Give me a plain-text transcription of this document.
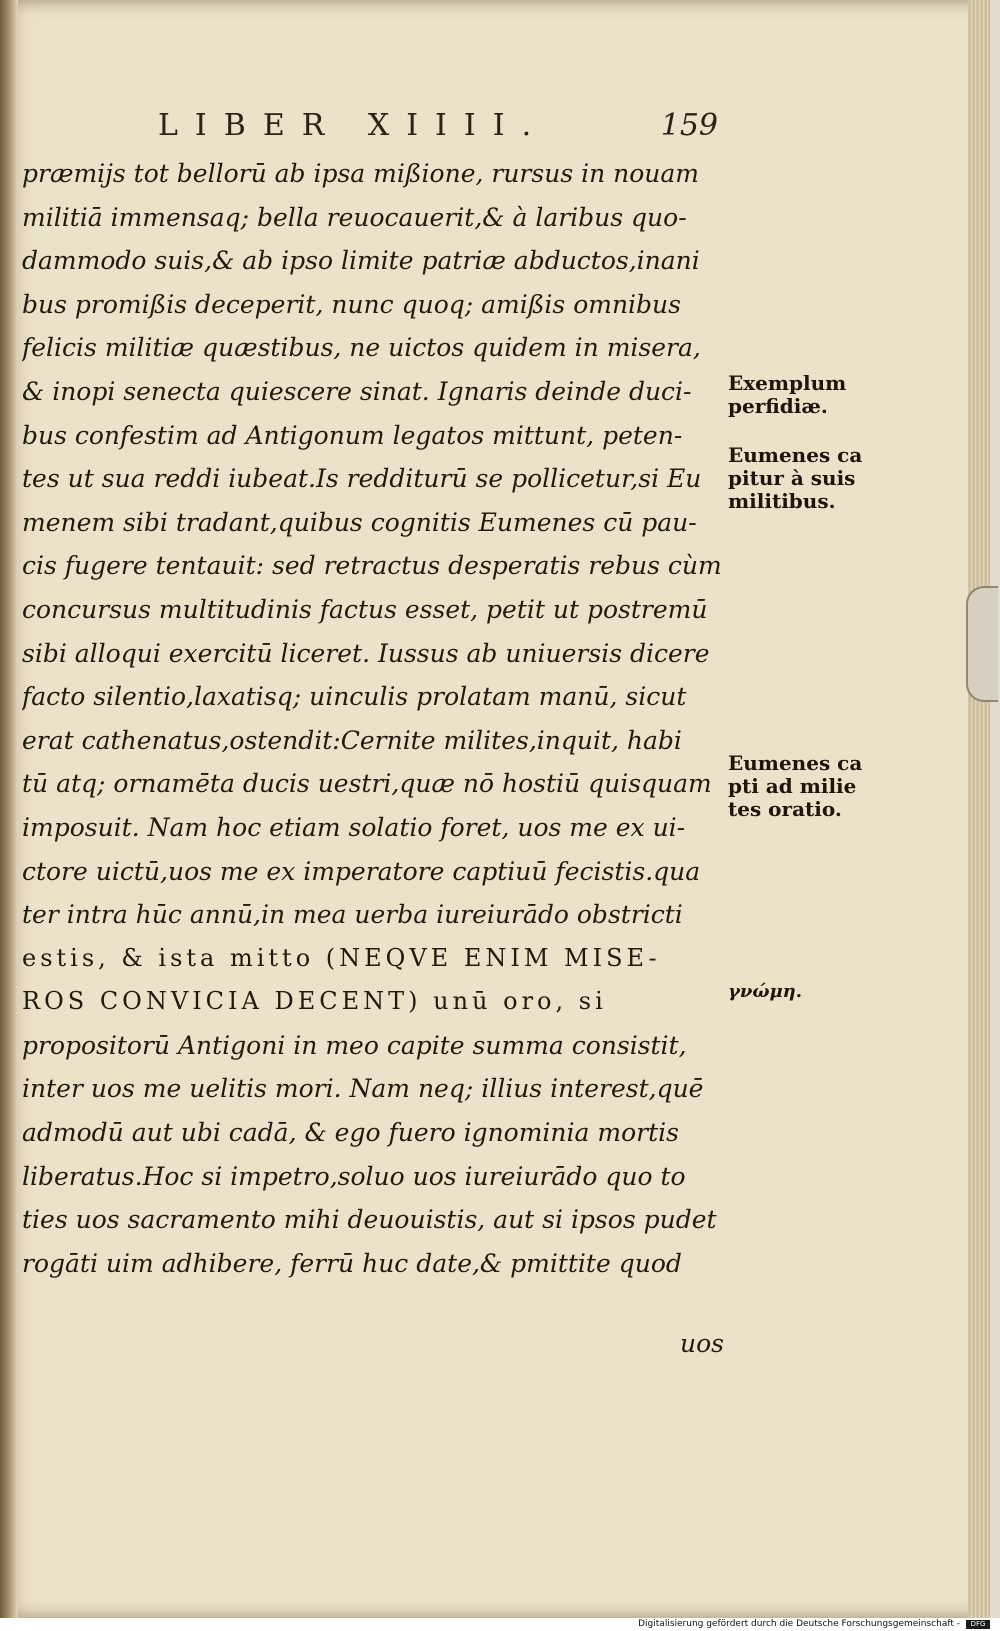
LIBER XIIII.	159
præmijs tot bellorū ab ipsa mißione, rursus in nouam
militiā immensaq; bella reuocauerit,& à laribus quo-
dammodo suis,& ab ipso limite patriæ abductos,inani
bus promißis deceperit, nunc quoq; amißis omnibus
felicis militiæ quæstibus, ne uictos quidem in misera,
& inopi senecta quiescere sinat. Ignaris deinde duci-
bus confestim ad Antigonum legatos mittunt, peten-
tes ut sua reddi iubeat.Is redditurū se pollicetur,si Eu
menem sibi tradant,quibus cognitis Eumenes cū pau-
cis fugere tentauit: sed retractus desperatis rebus cùm
concursus multitudinis factus esset, petit ut postremū
sibi alloqui exercitū liceret. Iussus ab uniuersis dicere
facto silentio,laxatisq; uinculis prolatam manū, sicut
erat cathenatus,ostendit:Cernite milites,inquit, habi
tū atq; ornamēta ducis uestri,quæ nō hostiū quisquam
imposuit. Nam hoc etiam solatio foret, uos me ex ui-
ctore uictū,uos me ex imperatore captiuū fecistis.qua
ter intra hūc annū,in mea uerba iureiurādo obstricti
estis, & ista mitto (NEQVE ENIM MISE-
ROS CONVICIA DECENT) unū oro, si
propositorū Antigoni in meo capite summa consistit,
inter uos me uelitis mori. Nam neq; illius interest,quē
admodū aut ubi cadā, & ego fuero ignominia mortis
liberatus.Hoc si impetro,soluo uos iureiurādo quo to
ties uos sacramento mihi deuouistis, aut si ipsos pudet
rogāti uim adhibere, ferrū huc date,& pmittite quod
uos
Exemplum
perfidiæ.
Eumenes ca
pitur à suis
militibus.
Eumenes ca
pti ad milie
tes oratio.
γνώμη.
Digitalisierung gefördert durch die Deutsche Forschungsgemeinschaft -	DFG
